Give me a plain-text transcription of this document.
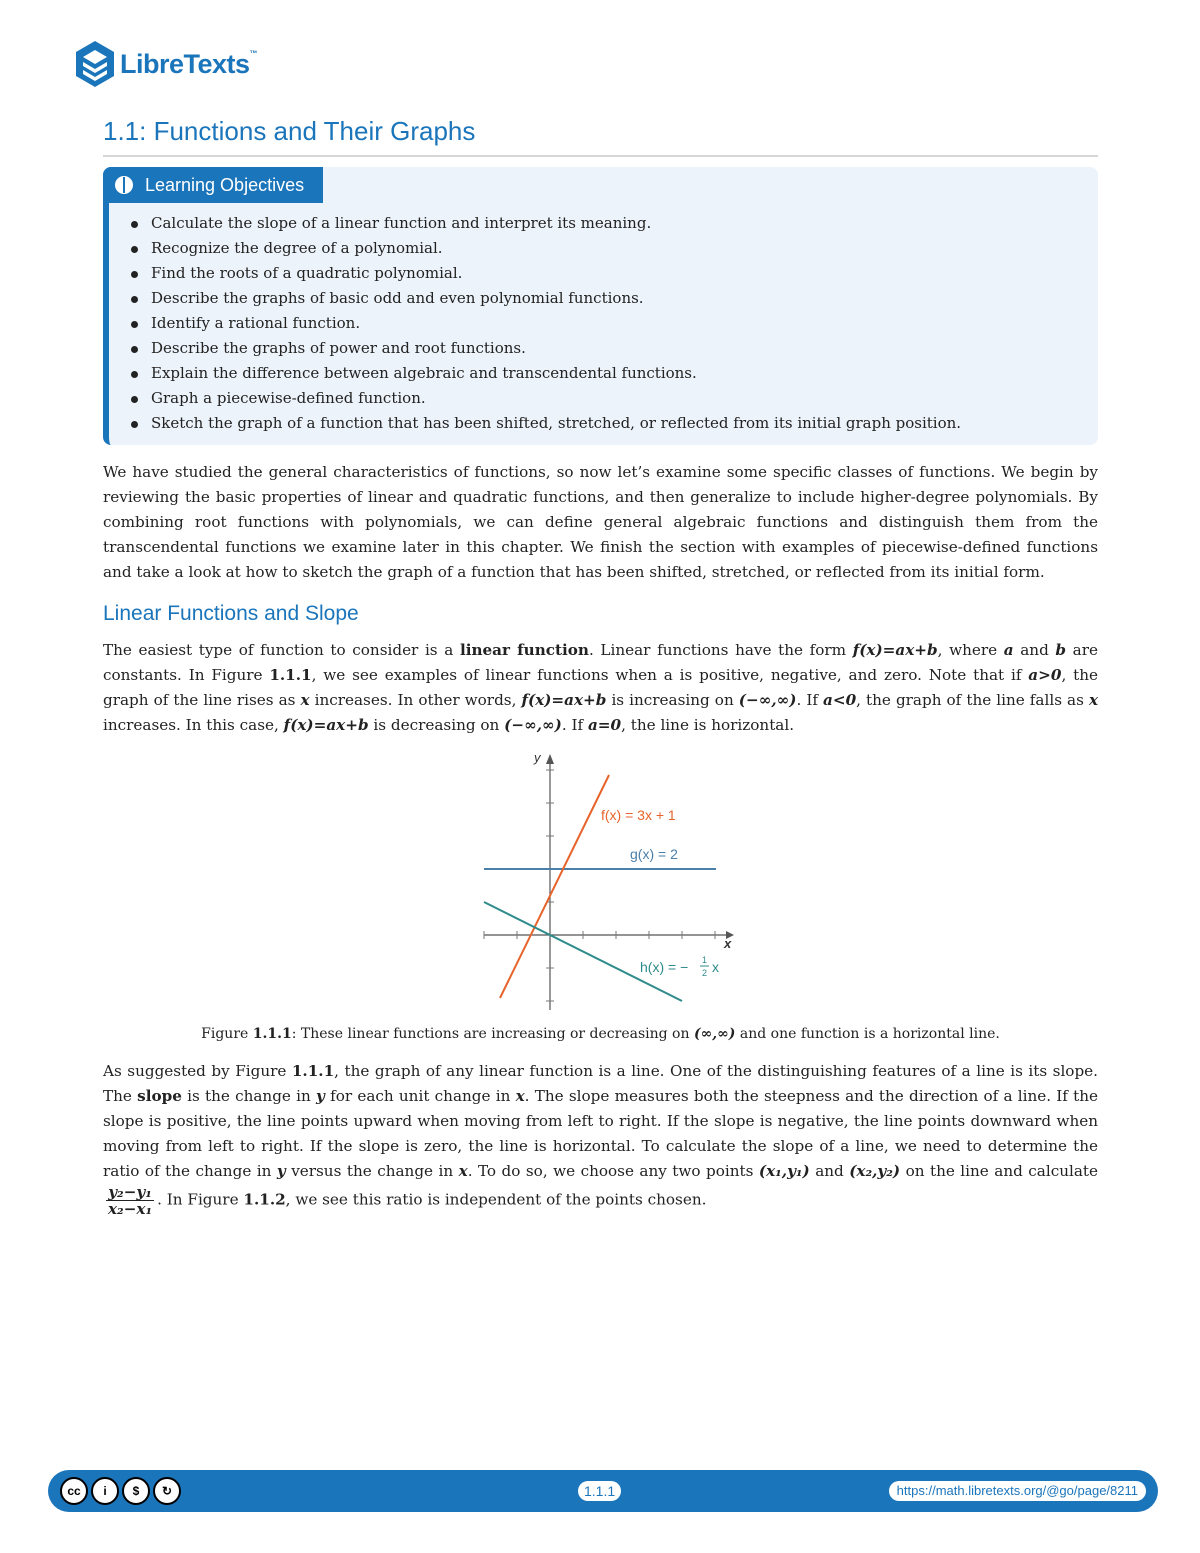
LibreTexts™
1.1: Functions and Their Graphs
Learning Objectives
Calculate the slope of a linear function and interpret its meaning.
Recognize the degree of a polynomial.
Find the roots of a quadratic polynomial.
Describe the graphs of basic odd and even polynomial functions.
Identify a rational function.
Describe the graphs of power and root functions.
Explain the difference between algebraic and transcendental functions.
Graph a piecewise-defined function.
Sketch the graph of a function that has been shifted, stretched, or reflected from its initial graph position.

We have studied the general characteristics of functions, so now let’s examine some specific classes of functions. We begin by reviewing the basic properties of linear and quadratic functions, and then generalize to include higher-degree polynomials. By combining root functions with polynomials, we can define general algebraic functions and distinguish them from the transcendental functions we examine later in this chapter. We finish the section with examples of piecewise-defined functions and take a look at how to sketch the graph of a function that has been shifted, stretched, or reflected from its initial form.

Linear Functions and Slope

The easiest type of function to consider is a linear function. Linear functions have the form f(x)=ax+b, where a and b are constants. In Figure 1.1.1, we see examples of linear functions when a is positive, negative, and zero. Note that if a>0, the graph of the line rises as x increases. In other words, f(x)=ax+b is increasing on (−∞,∞). If a<0, the graph of the line falls as x increases. In this case, f(x)=ax+b is decreasing on (−∞,∞). If a=0, the line is horizontal.

y
x
f(x) = 3x + 1
g(x) = 2
h(x) = − 1
2 x
Figure 1.1.1: These linear functions are increasing or decreasing on (∞,∞) and one function is a horizontal line.

As suggested by Figure 1.1.1, the graph of any linear function is a line. One of the distinguishing features of a line is its slope. The slope is the change in y for each unit change in x. The slope measures both the steepness and the direction of a line. If the slope is positive, the line points upward when moving from left to right. If the slope is negative, the line points downward when moving from left to right. If the slope is zero, the line is horizontal. To calculate the slope of a line, we need to determine the ratio of the change in y versus the change in x. To do so, we choose any two points (x₁,y₁) and (x₂,y₂) on the line and calculate
$\frac{\text{y₂−y₁}}{\text{x₂−x₁}}$ . In Figure 1.1.2, we see this ratio is independent of the points chosen.

cc	i	$	↻	1.1.1	https://math.libretexts.org/@go/page/8211
